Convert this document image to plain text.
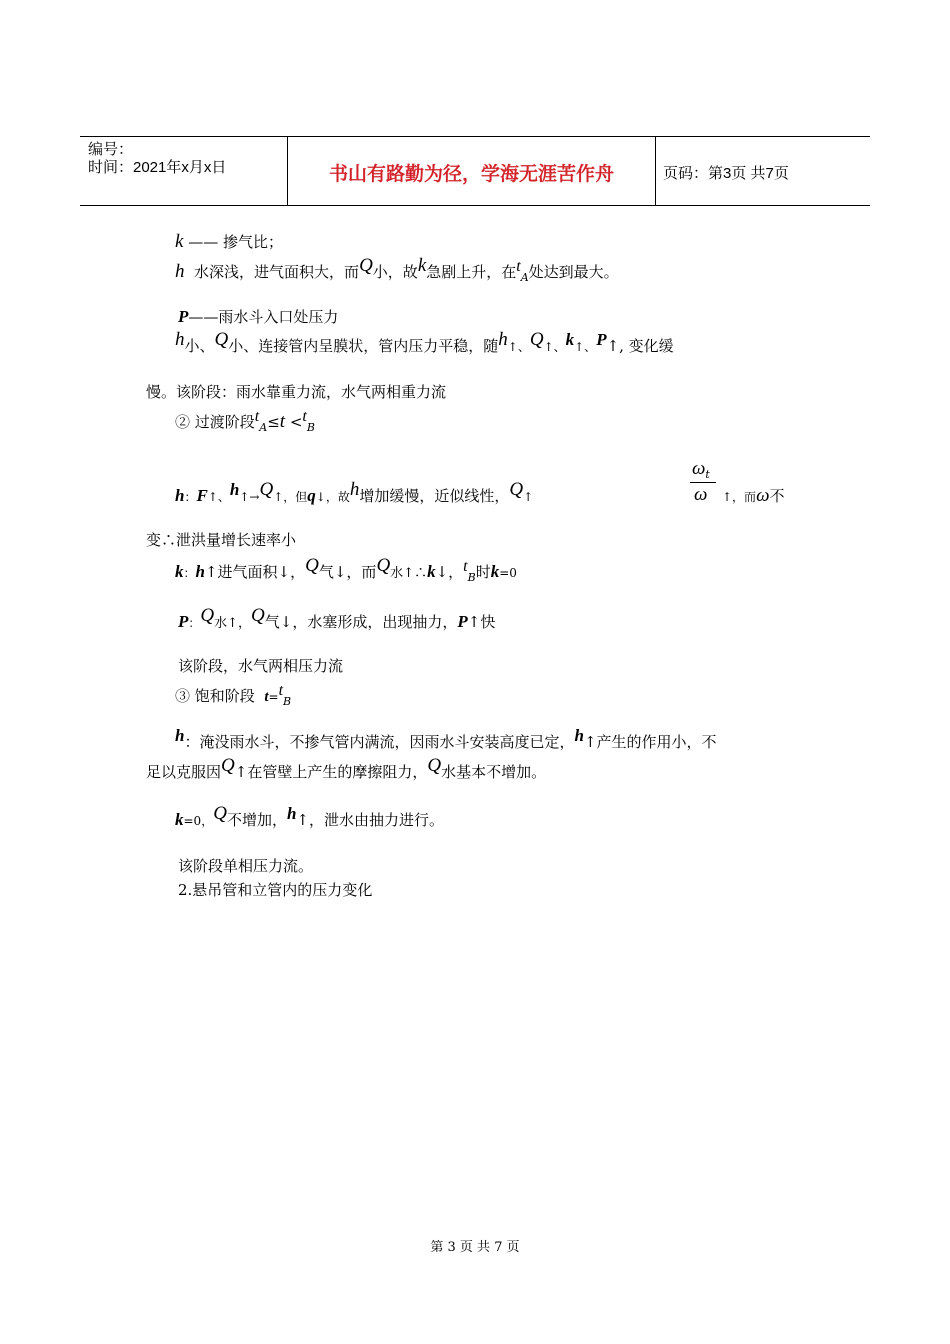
编号：
时间：2021年x月x日	书山有路勤为径，学海无涯苦作舟	页码：第3页 共7页
k —— 掺气比；
h 水深浅，进气面积大，而Q小，故k急剧上升，在$t_A$处达到最大。
P——雨水斗入口处压力
h小、Q小、连接管内呈膜状，管内压力平稳，随h↑、Q↑、k↑、P↑, 变化缓
慢。该阶段：雨水靠重力流，水气两相重力流
② 过渡阶段$t_A\le t <t_B$
h：F↑、h↑→Q↑，但q↓，故h增加缓慢，近似线性，Q↑
$\omega_t$
ω ↑，而ω不
变∴泄洪量增长速率小
k：h↑进气面积↓，Q气↓，而Q水↑∴k↓，$t_B$时k=0
P：Q水↑，Q气↓，水塞形成，出现抽力，P↑快
该阶段，水气两相压力流
③ 饱和阶段 $t=t_B$
h：淹没雨水斗，不掺气管内满流，因雨水斗安装高度已定，h↑产生的作用小，不
足以克服因Q↑在管壁上产生的摩擦阻力，Q水基本不增加。
k=0，Q不增加，h↑，泄水由抽力进行。
该阶段单相压力流。
2.悬吊管和立管内的压力变化
第 3 页 共 7 页
